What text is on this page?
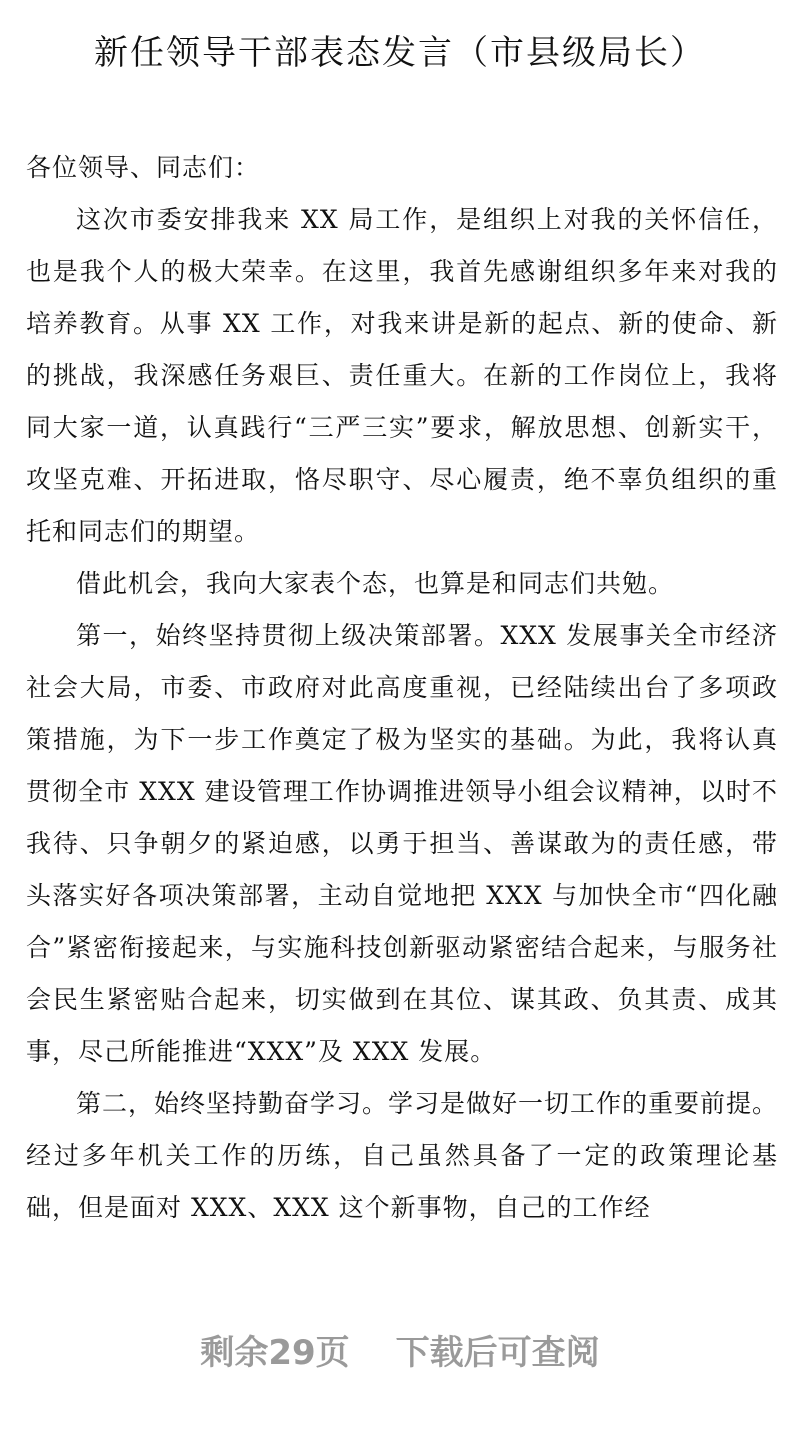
新任领导干部表态发言（市县级局长）

各位领导、同志们：

这次市委安排我来 XX 局工作，是组织上对我的关怀信任，也是我个人的极大荣幸。在这里，我首先感谢组织多年来对我的培养教育。从事 XX 工作，对我来讲是新的起点、新的使命、新的挑战，我深感任务艰巨、责任重大。在新的工作岗位上，我将同大家一道，认真践行“三严三实”要求，解放思想、创新实干，攻坚克难、开拓进取，恪尽职守、尽心履责，绝不辜负组织的重托和同志们的期望。

借此机会，我向大家表个态，也算是和同志们共勉。

第一，始终坚持贯彻上级决策部署。XXX 发展事关全市经济社会大局，市委、市政府对此高度重视，已经陆续出台了多项政策措施，为下一步工作奠定了极为坚实的基础。为此，我将认真贯彻全市 XXX 建设管理工作协调推进领导小组会议精神，以时不我待、只争朝夕的紧迫感，以勇于担当、善谋敢为的责任感，带头落实好各项决策部署，主动自觉地把 XXX 与加快全市“四化融合”紧密衔接起来，与实施科技创新驱动紧密结合起来，与服务社会民生紧密贴合起来，切实做到在其位、谋其政、负其责、成其事，尽己所能推进“XXX”及 XXX 发展。

第二，始终坚持勤奋学习。学习是做好一切工作的重要前提。经过多年机关工作的历练，自己虽然具备了一定的政策理论基础，但是面对 XXX、XXX 这个新事物，自己的工作经

剩余29页 下载后可查阅
